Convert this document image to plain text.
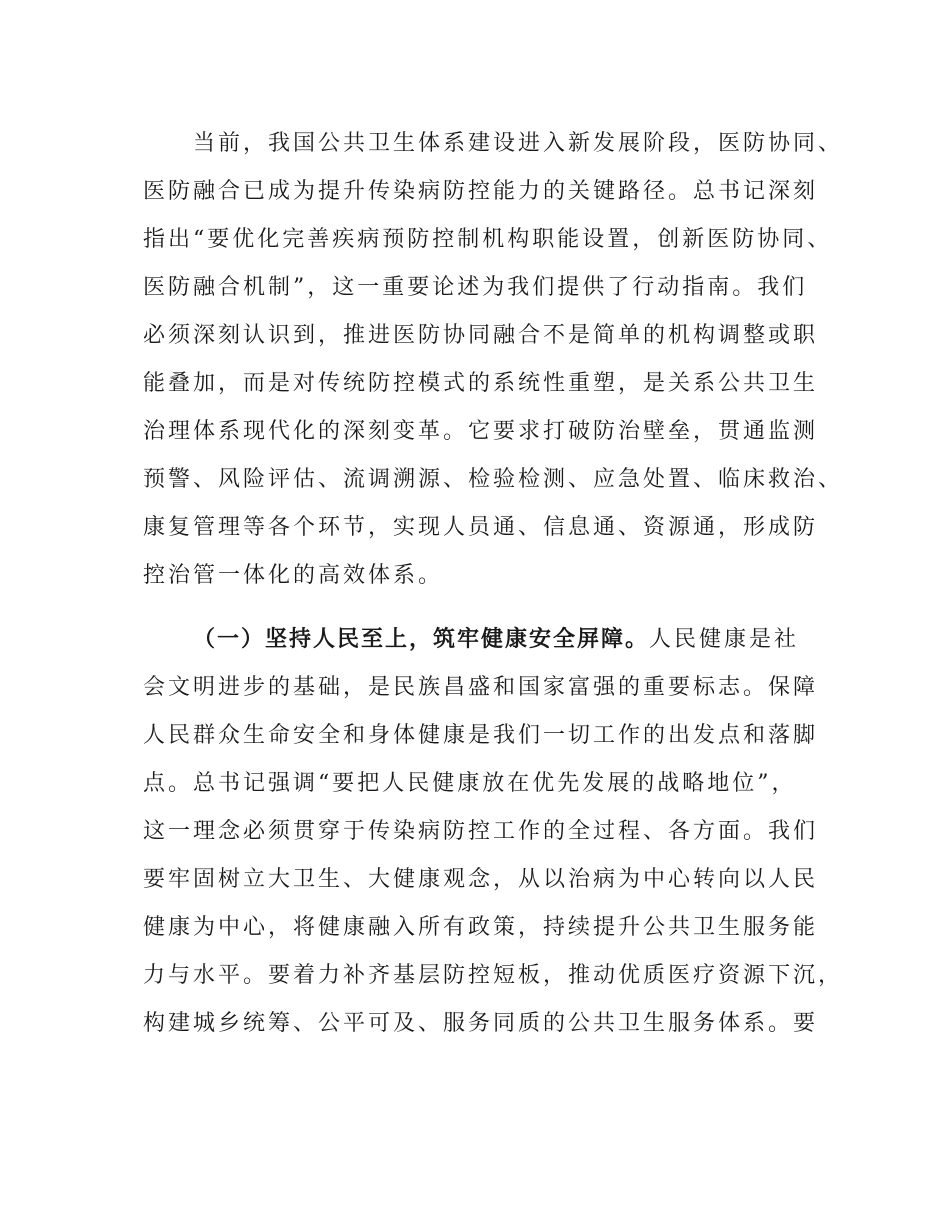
当前，我国公共卫生体系建设进入新发展阶段，医防协同、
医防融合已成为提升传染病防控能力的关键路径。总书记深刻
指出“要优化完善疾病预防控制机构职能设置，创新医防协同、
医防融合机制”，这一重要论述为我们提供了行动指南。我们
必须深刻认识到，推进医防协同融合不是简单的机构调整或职
能叠加，而是对传统防控模式的系统性重塑，是关系公共卫生
治理体系现代化的深刻变革。它要求打破防治壁垒，贯通监测
预警、风险评估、流调溯源、检验检测、应急处置、临床救治、
康复管理等各个环节，实现人员通、信息通、资源通，形成防
控治管一体化的高效体系。
（一）坚持人民至上，筑牢健康安全屏障。人民健康是社
会文明进步的基础，是民族昌盛和国家富强的重要标志。保障
人民群众生命安全和身体健康是我们一切工作的出发点和落脚
点。总书记强调“要把人民健康放在优先发展的战略地位”，
这一理念必须贯穿于传染病防控工作的全过程、各方面。我们
要牢固树立大卫生、大健康观念，从以治病为中心转向以人民
健康为中心，将健康融入所有政策，持续提升公共卫生服务能
力与水平。要着力补齐基层防控短板，推动优质医疗资源下沉，
构建城乡统筹、公平可及、服务同质的公共卫生服务体系。要
